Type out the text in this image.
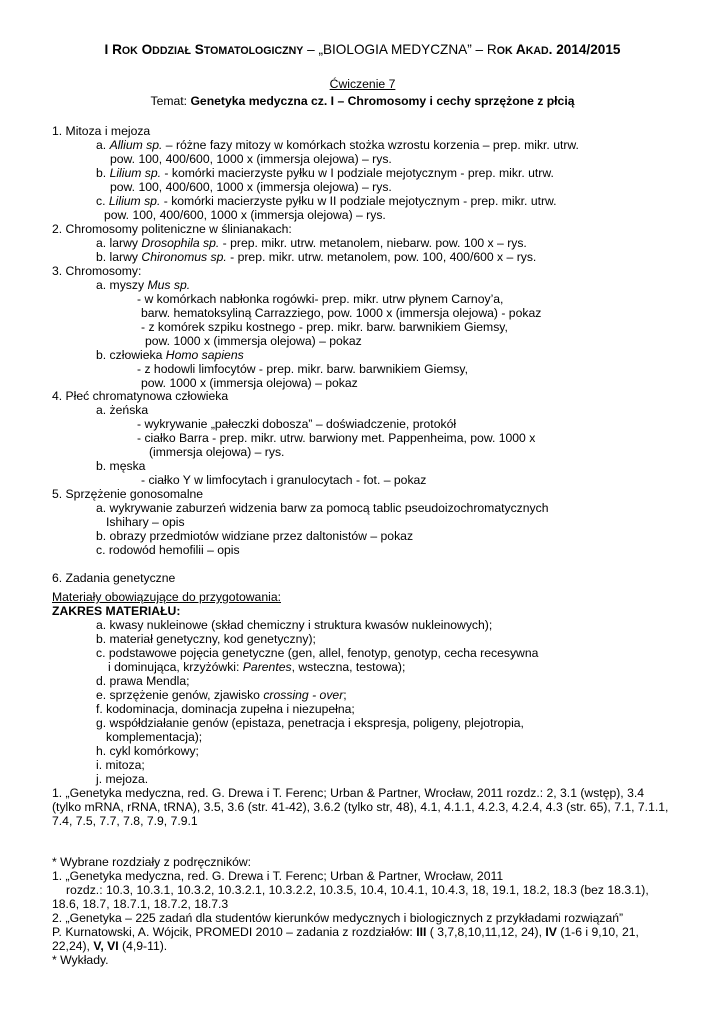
I ROK ODDZIAŁ STOMATOLOGICZNY – „BIOLOGIA MEDYCZNA” – ROK AKAD. 2014/2015
Ćwiczenie 7
Temat: Genetyka medyczna cz. I – Chromosomy i cechy sprzężone z płcią
1. Mitoza i mejoza
a. Allium sp. – różne fazy mitozy w komórkach stożka wzrostu korzenia – prep. mikr. utrw.
pow. 100, 400/600, 1000 x (immersja olejowa) – rys.
b. Lilium sp. - komórki macierzyste pyłku w I podziale mejotycznym - prep. mikr. utrw.
pow. 100, 400/600, 1000 x (immersja olejowa) – rys.
c. Lilium sp. - komórki macierzyste pyłku w II podziale mejotycznym - prep. mikr. utrw.
pow. 100, 400/600, 1000 x (immersja olejowa) – rys.
2. Chromosomy politeniczne w ślinianakach:
a. larwy Drosophila sp. - prep. mikr. utrw. metanolem, niebarw. pow. 100 x – rys.
b. larwy Chironomus sp. - prep. mikr. utrw. metanolem, pow. 100, 400/600 x – rys.
3. Chromosomy:
a. myszy Mus sp.
- w komórkach nabłonka rogówki- prep. mikr. utrw płynem Carnoy’a,
barw. hematoksyliną Carrazziego, pow. 1000 x (immersja olejowa) - pokaz
- z komórek szpiku kostnego - prep. mikr. barw. barwnikiem Giemsy,
pow. 1000 x (immersja olejowa) – pokaz
b. człowieka Homo sapiens
- z hodowli limfocytów - prep. mikr. barw. barwnikiem Giemsy,
pow. 1000 x (immersja olejowa) – pokaz
4. Płeć chromatynowa człowieka
a. żeńska
- wykrywanie „pałeczki dobosza” – doświadczenie, protokół
- ciałko Barra - prep. mikr. utrw. barwiony met. Pappenheima, pow. 1000 x
(immersja olejowa) – rys.
b. męska
- ciałko Y w limfocytach i granulocytach - fot. – pokaz
5. Sprzężenie gonosomalne
a. wykrywanie zaburzeń widzenia barw za pomocą tablic pseudoizochromatycznych
Ishihary – opis
b. obrazy przedmiotów widziane przez daltonistów – pokaz
c. rodowód hemofilii – opis
6. Zadania genetyczne
Materiały obowiązujące do przygotowania:
ZAKRES MATERIAŁU:
a. kwasy nukleinowe (skład chemiczny i struktura kwasów nukleinowych);
b. materiał genetyczny, kod genetyczny);
c. podstawowe pojęcia genetyczne (gen, allel, fenotyp, genotyp, cecha recesywna
i dominująca, krzyżówki: Parentes, wsteczna, testowa);
d. prawa Mendla;
e. sprzężenie genów, zjawisko crossing - over;
f. kodominacja, dominacja zupełna i niezupełna;
g. współdziałanie genów (epistaza, penetracja i ekspresja, poligeny, plejotropia,
komplementacja);
h. cykl komórkowy;
i. mitoza;
j. mejoza.
1. „Genetyka medyczna, red. G. Drewa i T. Ferenc; Urban & Partner, Wrocław, 2011 rozdz.: 2, 3.1 (wstęp), 3.4
(tylko mRNA, rRNA, tRNA), 3.5, 3.6 (str. 41-42), 3.6.2 (tylko str, 48), 4.1, 4.1.1, 4.2.3, 4.2.4, 4.3 (str. 65), 7.1, 7.1.1,
7.4, 7.5, 7.7, 7.8, 7.9, 7.9.1
* Wybrane rozdziały z podręczników:
1. „Genetyka medyczna, red. G. Drewa i T. Ferenc; Urban & Partner, Wrocław, 2011
rozdz.: 10.3, 10.3.1, 10.3.2, 10.3.2.1, 10.3.2.2, 10.3.5, 10.4, 10.4.1, 10.4.3, 18, 19.1, 18.2, 18.3 (bez 18.3.1),
18.6, 18.7, 18.7.1, 18.7.2, 18.7.3
2. „Genetyka – 225 zadań dla studentów kierunków medycznych i biologicznych z przykładami rozwiązań”
P. Kurnatowski, A. Wójcik, PROMEDI 2010 – zadania z rozdziałów: III ( 3,7,8,10,11,12, 24), IV (1-6 i 9,10, 21,
22,24), V, VI (4,9-11).
* Wykłady.
